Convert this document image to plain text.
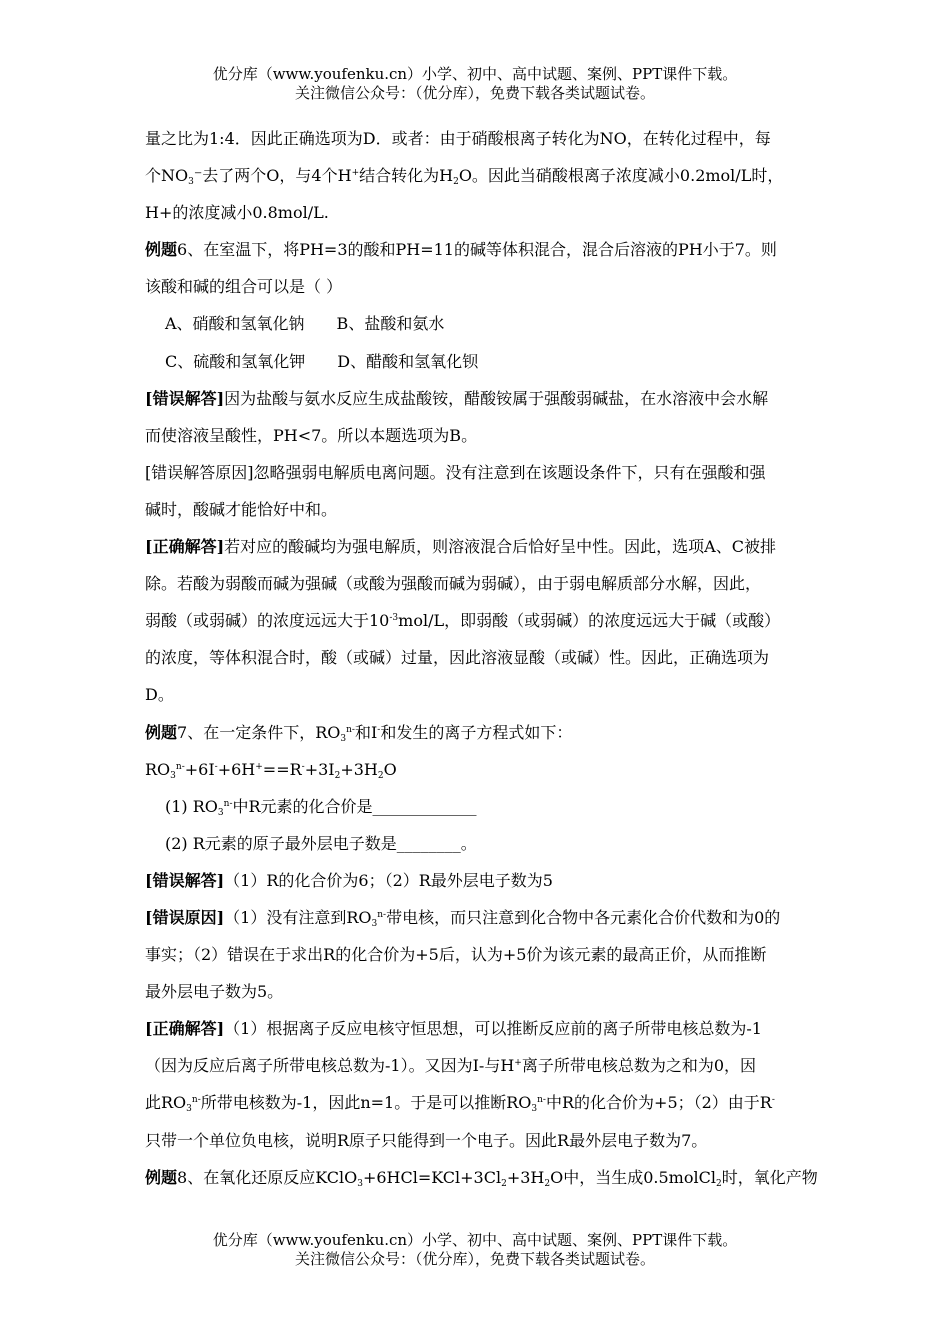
优分库（www.youfenku.cn）小学、初中、高中试题、案例、PPT课件下载。
关注微信公众号：（优分库），免费下载各类试题试卷。
量之比为1:4．因此正确选项为D．或者：由于硝酸根离子转化为NO，在转化过程中，每
个$NO_3^-$去了两个O，与4个H+结合转化为$H_2O$。因此当硝酸根离子浓度减小0.2mol/L时，
H+的浓度减小0.8mol/L.
例题6、在室温下，将PH=3的酸和PH=11的碱等体积混合，混合后溶液的PH小于7。则
该酸和碱的组合可以是（ ）
A、硝酸和氢氧化钠　　B、盐酸和氨水
C、硫酸和氢氧化钾　　D、醋酸和氢氧化钡
[错误解答]因为盐酸与氨水反应生成盐酸铵，醋酸铵属于强酸弱碱盐，在水溶液中会水解
而使溶液呈酸性，PH<7。所以本题选项为B。
[错误解答原因]忽略强弱电解质电离问题。没有注意到在该题设条件下，只有在强酸和强
碱时，酸碱才能恰好中和。
[正确解答]若对应的酸碱均为强电解质，则溶液混合后恰好呈中性。因此，选项A、C被排
除。若酸为弱酸而碱为强碱（或酸为强酸而碱为弱碱），由于弱电解质部分水解，因此，
弱酸（或弱碱）的浓度远远大于$10^{-3}mol/L$，即弱酸（或弱碱）的浓度远远大于碱（或酸）
的浓度，等体积混合时，酸（或碱）过量，因此溶液显酸（或碱）性。因此，正确选项为
D。
例题7、在一定条件下，$RO_3^{n-}$和I-和发生的离子方程式如下：
$RO_3^{n-}+6I^-+6H^+==R^-+3I_2+3H_2O$
(1) $RO_3^{n-}$中R元素的化合价是_____________
(2) R元素的原子最外层电子数是________。
[错误解答]（1）R的化合价为6；（2）R最外层电子数为5
[错误原因]（1）没有注意到$RO_3^{n-}$带电核，而只注意到化合物中各元素化合价代数和为0的
事实；（2）错误在于求出R的化合价为+5后，认为+5价为该元素的最高正价，从而推断
最外层电子数为5。
[正确解答]（1）根据离子反应电核守恒思想，可以推断反应前的离子所带电核总数为-1
（因为反应后离子所带电核总数为-1）。又因为I-与H+离子所带电核总数为之和为0，因
此$RO_3^{n-}$所带电核数为-1，因此n=1。于是可以推断$RO_3^{n-}$中R的化合价为+5；（2）由于R-
只带一个单位负电核，说明R原子只能得到一个电子。因此R最外层电子数为7。
例题8、在氧化还原反应$KClO_3+6HCl=KCl+3Cl_2+3H_2O$中，当生成0.5molCl$_2$时，氧化产物
优分库（www.youfenku.cn）小学、初中、高中试题、案例、PPT课件下载。
关注微信公众号：（优分库），免费下载各类试题试卷。
